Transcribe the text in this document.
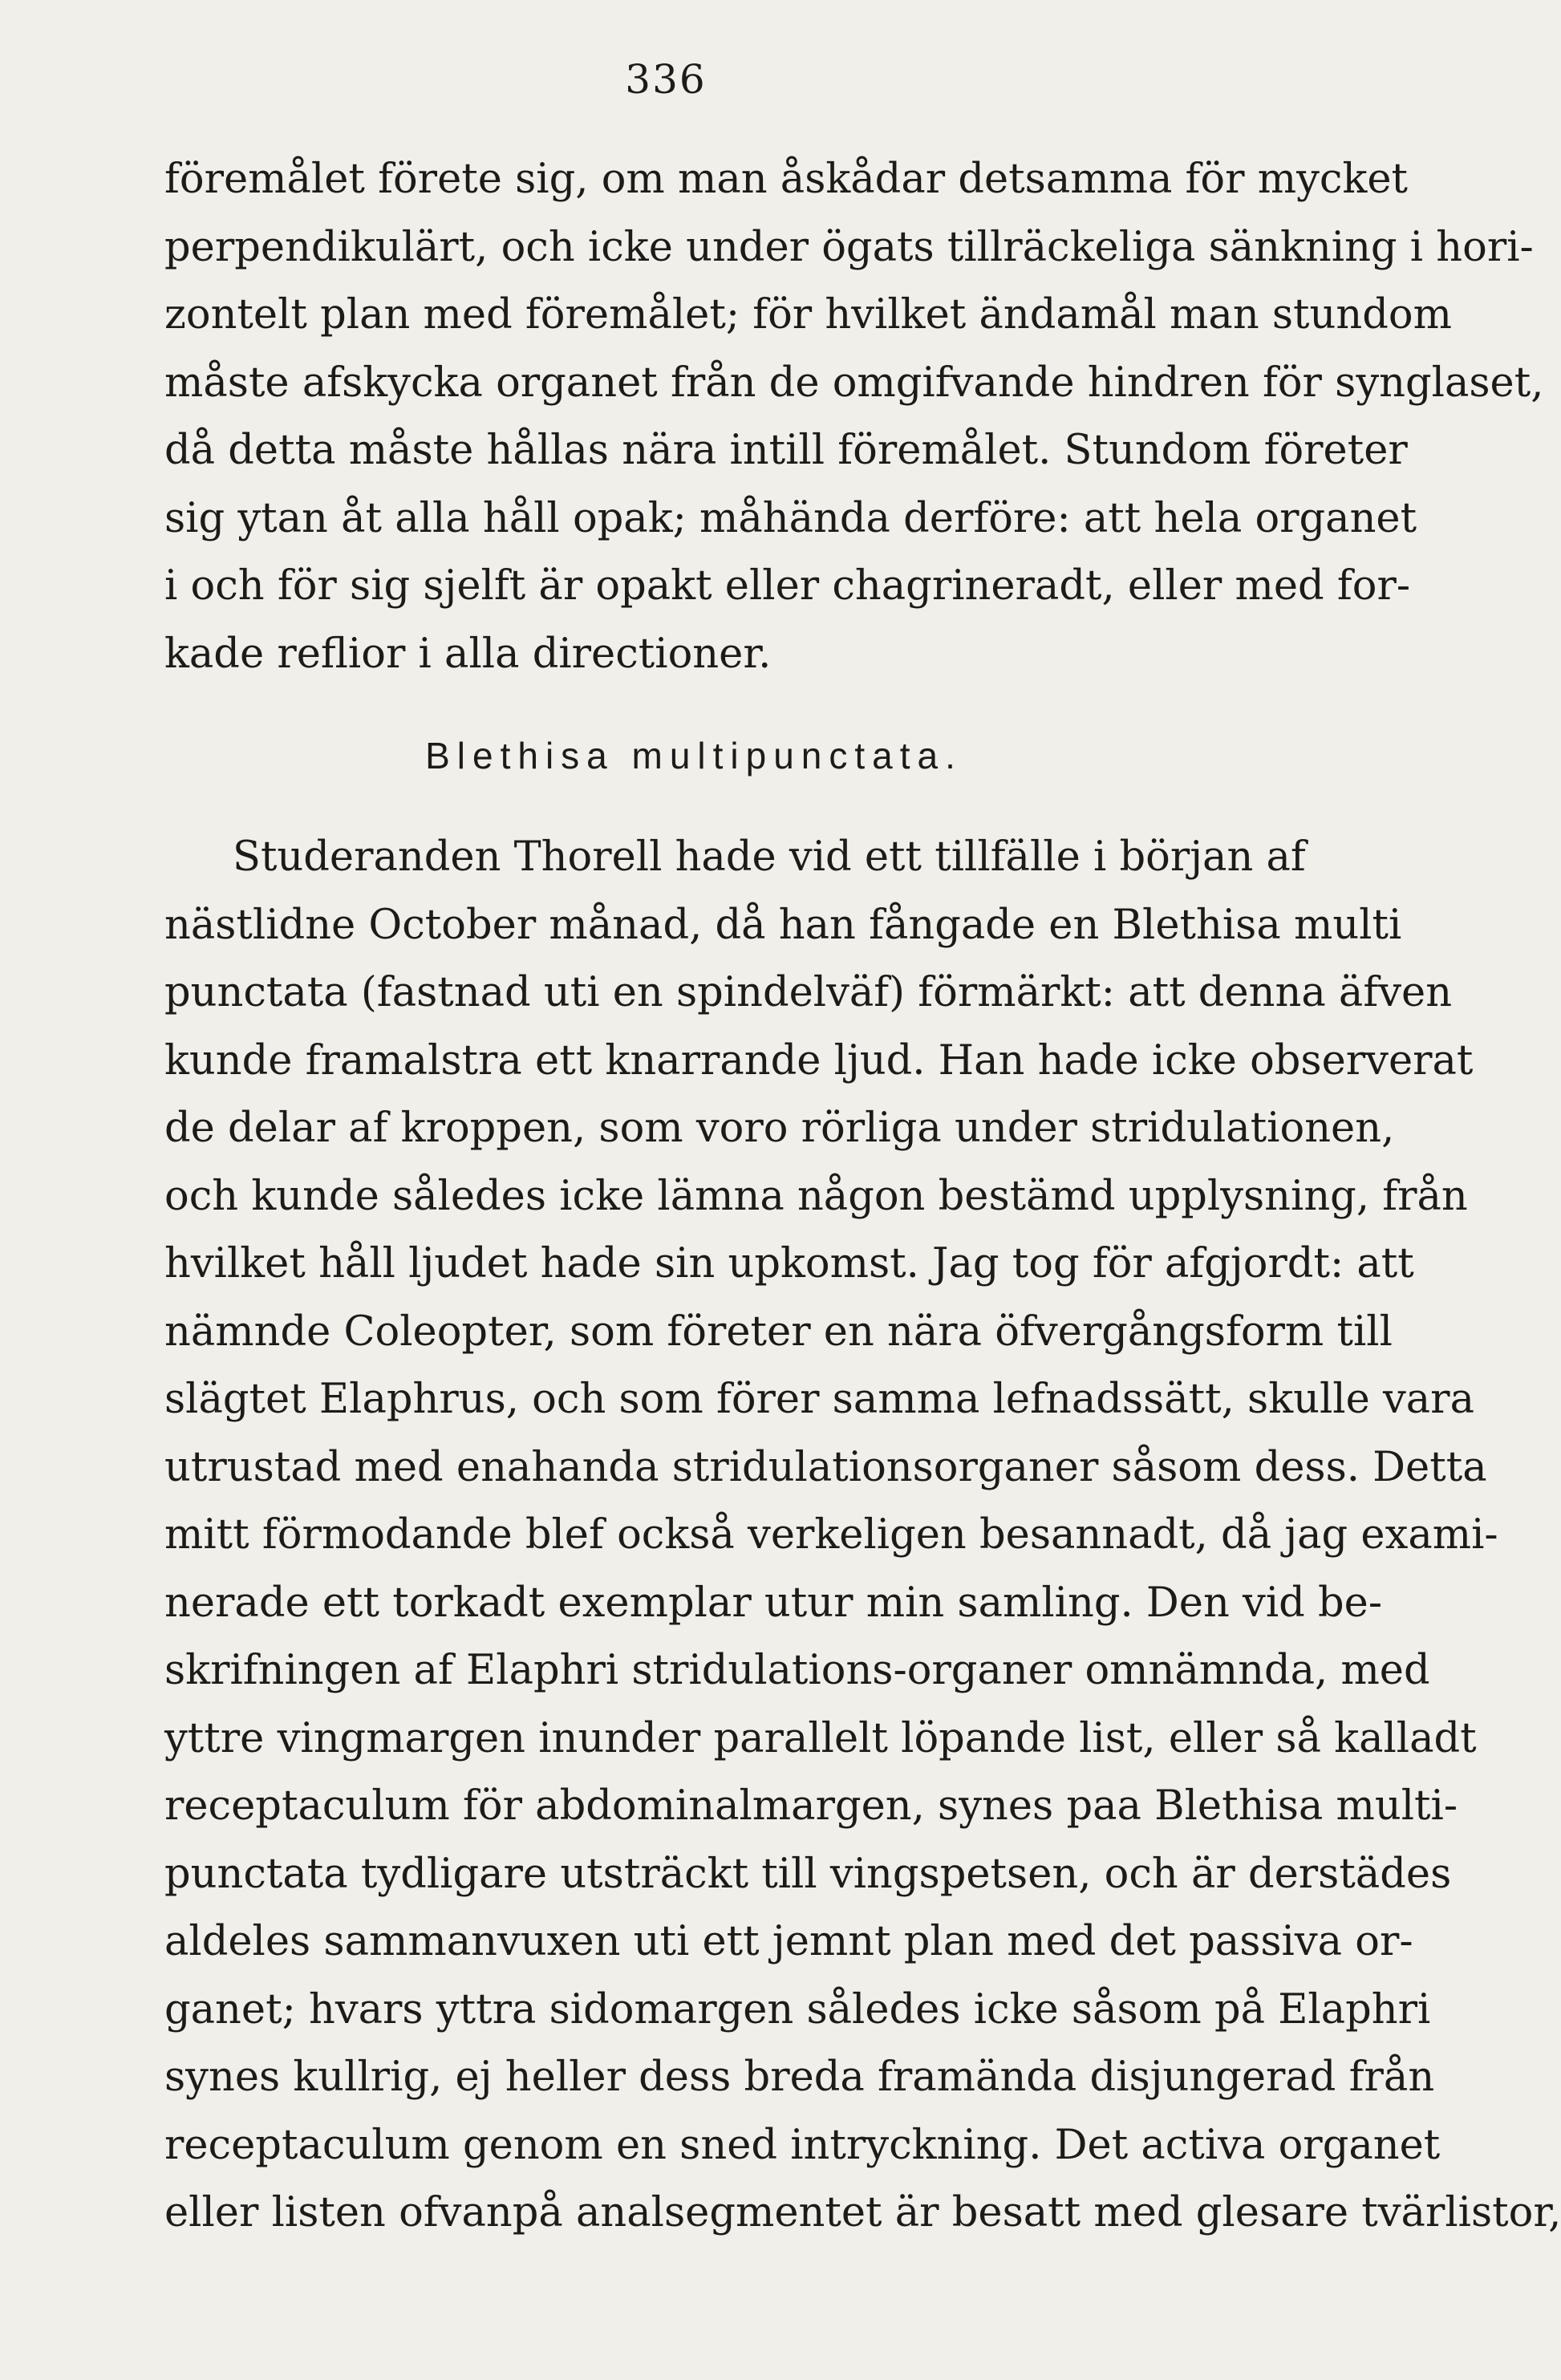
336
föremålet förete sig, om man åskådar detsamma för mycket
perpendikulärt, och icke under ögats tillräckeliga sänkning i hori-
zontelt plan med föremålet; för hvilket ändamål man stundom
måste afskycka organet från de omgifvande hindren för synglaset,
då detta måste hållas nära intill föremålet. Stundom företer
sig ytan åt alla håll opak; måhända derföre: att hela organet
i och för sig sjelft är opakt eller chagrineradt, eller med for-
kade reflior i alla directioner.
Blethisa multipunctata.
Studeranden Thorell hade vid ett tillfälle i början af
nästlidne October månad, då han fångade en Blethisa multi
punctata (fastnad uti en spindelväf) förmärkt: att denna äfven
kunde framalstra ett knarrande ljud. Han hade icke observerat
de delar af kroppen, som voro rörliga under stridulationen,
och kunde således icke lämna någon bestämd upplysning, från
hvilket håll ljudet hade sin upkomst. Jag tog för afgjordt: att
nämnde Coleopter, som företer en nära öfvergångsform till
slägtet Elaphrus, och som förer samma lefnadssätt, skulle vara
utrustad med enahanda stridulationsorganer såsom dess. Detta
mitt förmodande blef också verkeligen besannadt, då jag exami-
nerade ett torkadt exemplar utur min samling. Den vid be-
skrifningen af Elaphri stridulations-organer omnämnda, med
yttre vingmargen inunder parallelt löpande list, eller så kalladt
receptaculum för abdominalmargen, synes paa Blethisa multi-
punctata tydligare utsträckt till vingspetsen, och är derstädes
aldeles sammanvuxen uti ett jemnt plan med det passiva or-
ganet; hvars yttra sidomargen således icke såsom på Elaphri
synes kullrig, ej heller dess breda framända disjungerad från
receptaculum genom en sned intryckning. Det activa organet
eller listen ofvanpå analsegmentet är besatt med glesare tvärlistor,
